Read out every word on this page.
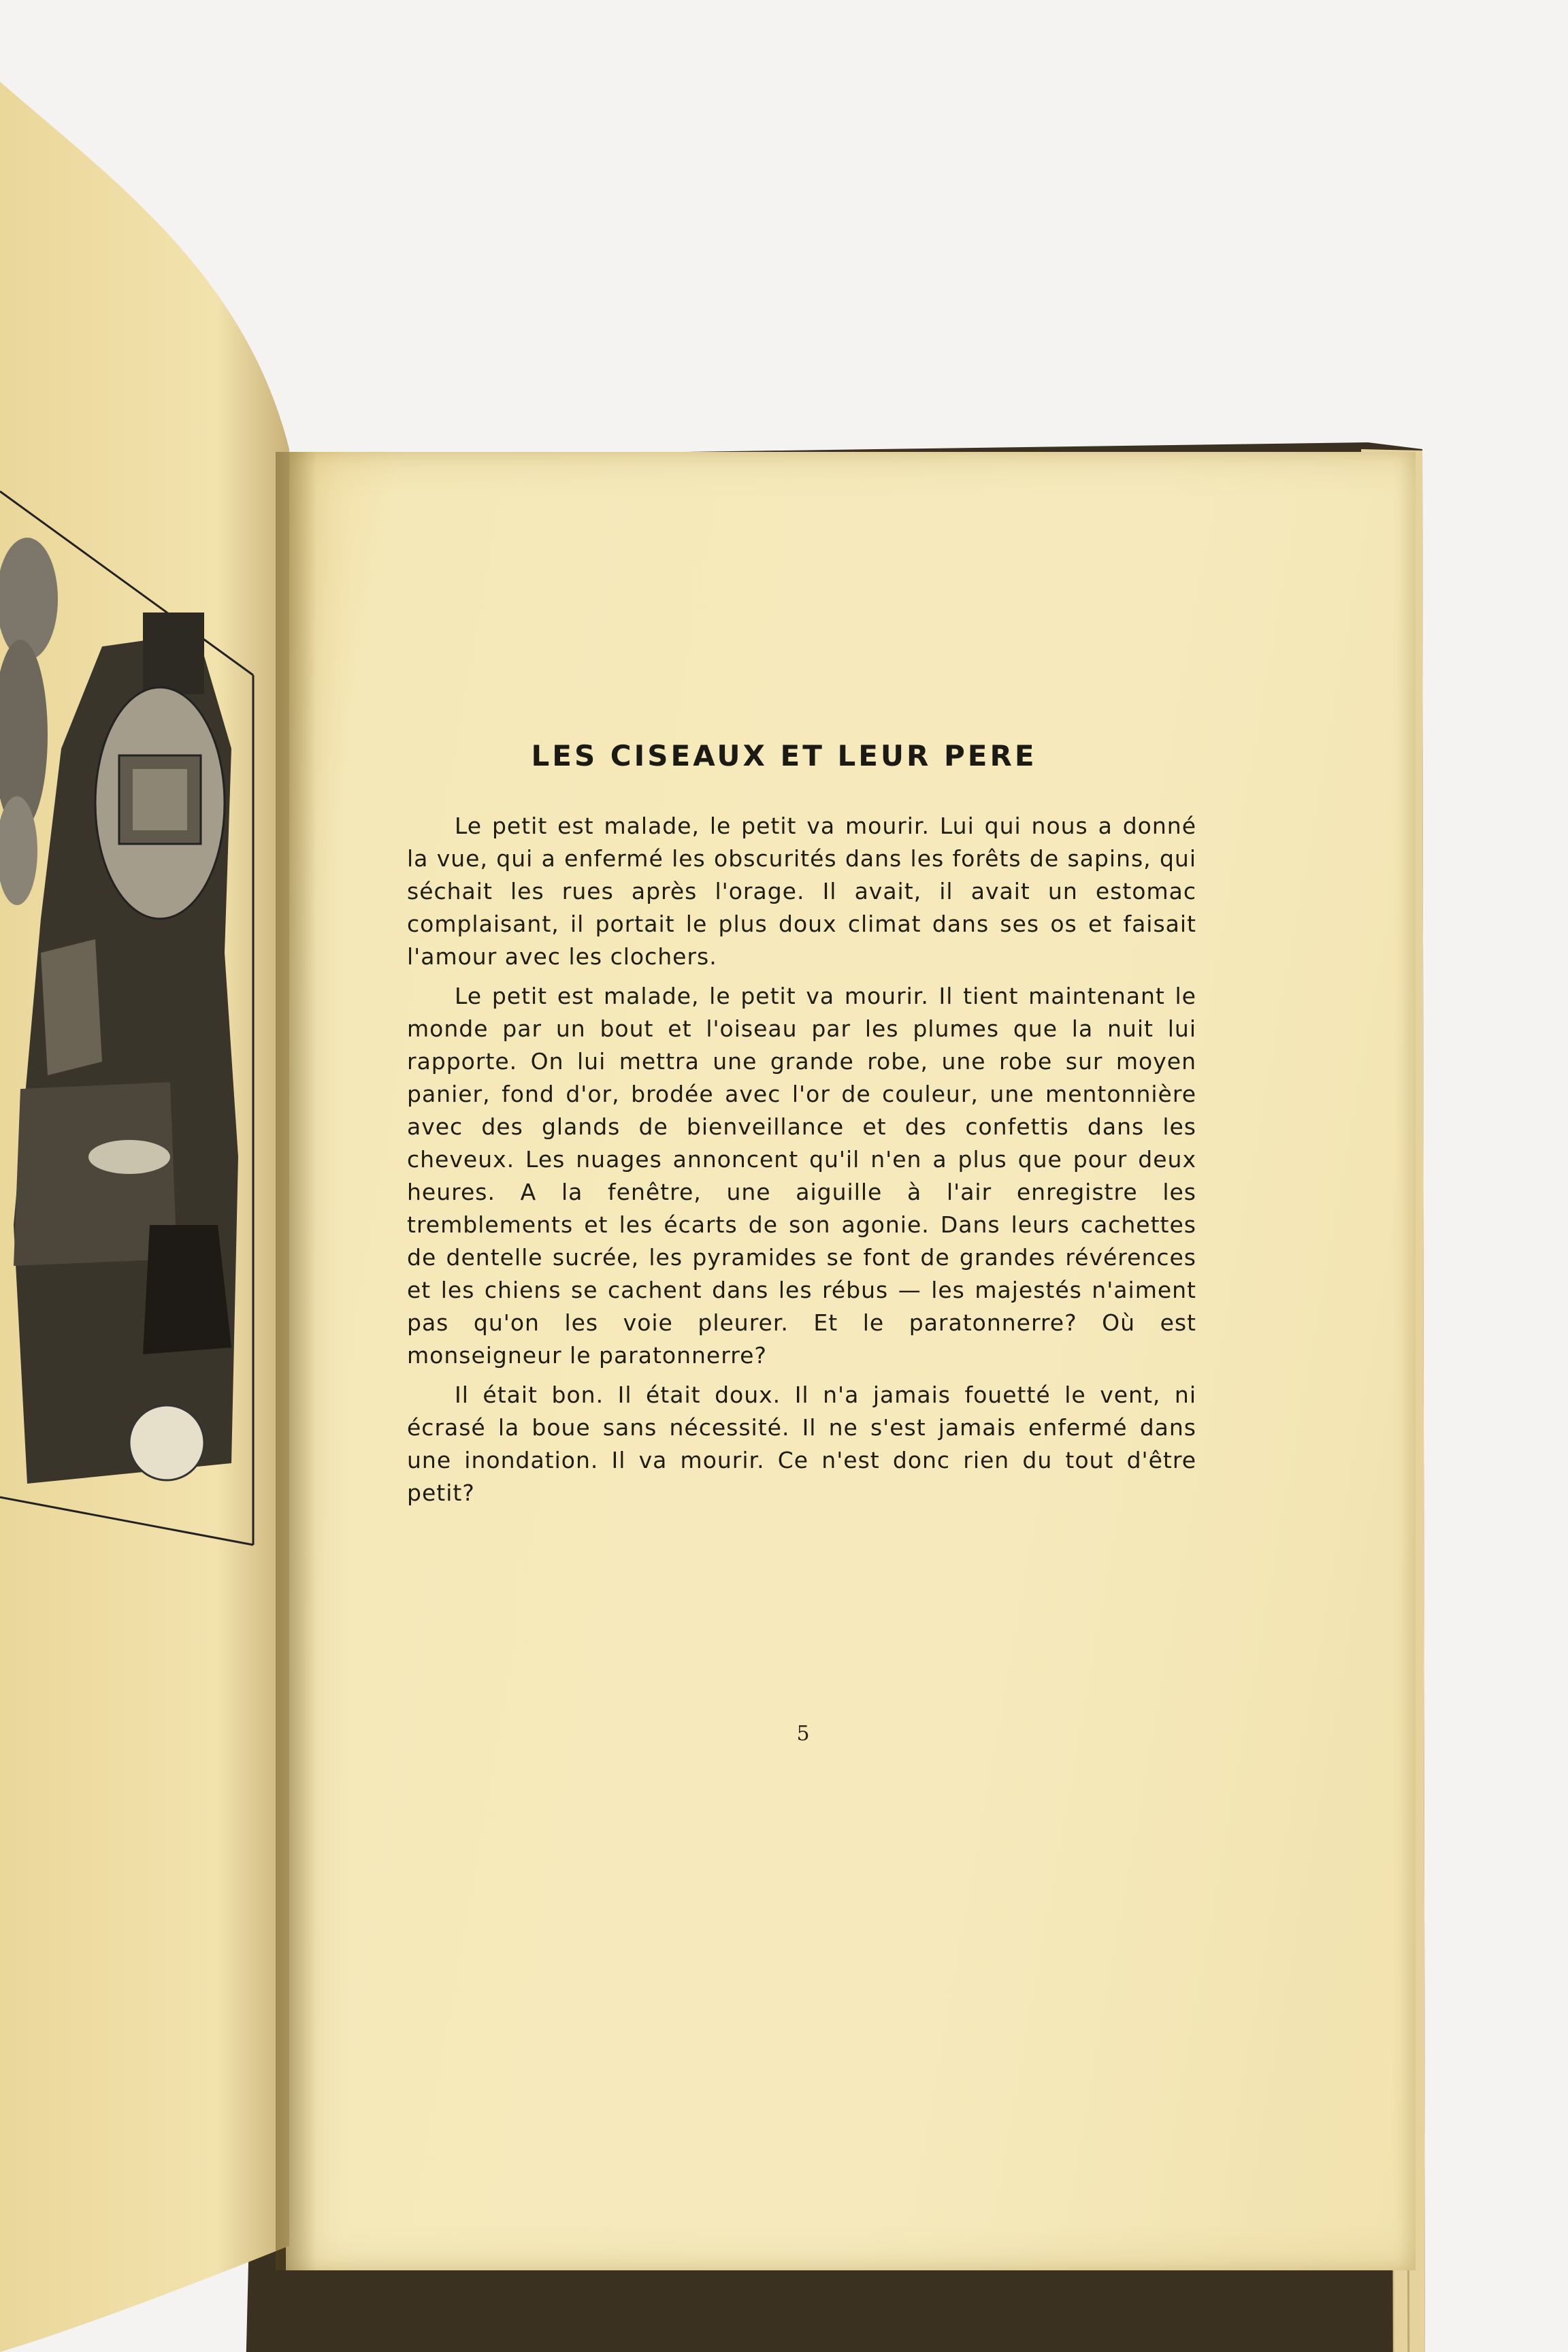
LES CISEAUX ET LEUR PERE

Le petit est malade, le petit va mourir. Lui qui nous a donné la vue, qui a enfermé les obscurités dans les forêts de sapins, qui séchait les rues après l'orage. Il avait, il avait un estomac complaisant, il portait le plus doux climat dans ses os et faisait l'amour avec les clochers.

Le petit est malade, le petit va mourir. Il tient maintenant le monde par un bout et l'oiseau par les plumes que la nuit lui rapporte. On lui mettra une grande robe, une robe sur moyen panier, fond d'or, brodée avec l'or de couleur, une mentonnière avec des glands de bienveillance et des confettis dans les cheveux. Les nuages annoncent qu'il n'en a plus que pour deux heures. A la fenêtre, une aiguille à l'air enregistre les tremblements et les écarts de son agonie. Dans leurs cachettes de dentelle sucrée, les pyramides se font de grandes révérences et les chiens se cachent dans les rébus — les majestés n'aiment pas qu'on les voie pleurer. Et le paratonnerre? Où est monseigneur le paratonnerre?

Il était bon. Il était doux. Il n'a jamais fouetté le vent, ni écrasé la boue sans nécessité. Il ne s'est jamais enfermé dans une inondation. Il va mourir. Ce n'est donc rien du tout d'être petit?

5
